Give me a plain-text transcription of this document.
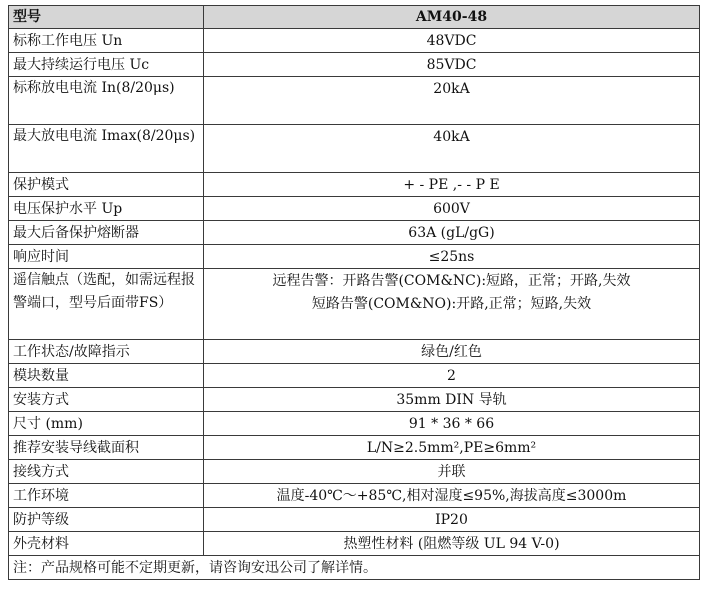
型号	AM40-48
标称工作电压 Un	48VDC
最大持续运行电压 Uc	85VDC
标称放电电流 In(8/20μs)	20kA
最大放电电流 Imax(8/20μs)	40kA
保护模式	+ - PE ,- - P E
电压保护水平 Up	600V
最大后备保护熔断器	63A (gL/gG)
响应时间	≤25ns
遥信触点（选配，如需远程报警端口，型号后面带FS）	远程告警：开路告警(COM&NC):短路，正常；开路,失效
短路告警(COM&NO):开路,正常；短路,失效

工作状态/故障指示	绿色/红色
模块数量	2
安装方式	35mm DIN 导轨
尺寸 (mm)	91 * 36 * 66
推荐安装导线截面积	L/N≥2.5mm²,PE≥6mm²
接线方式	并联
工作环境	温度-40℃～+85℃,相对湿度≤95%,海拔高度≤3000m
防护等级	IP20
外壳材料	热塑性材料 (阻燃等级 UL 94 V-0)
注：产品规格可能不定期更新，请咨询安迅公司了解详情。	
